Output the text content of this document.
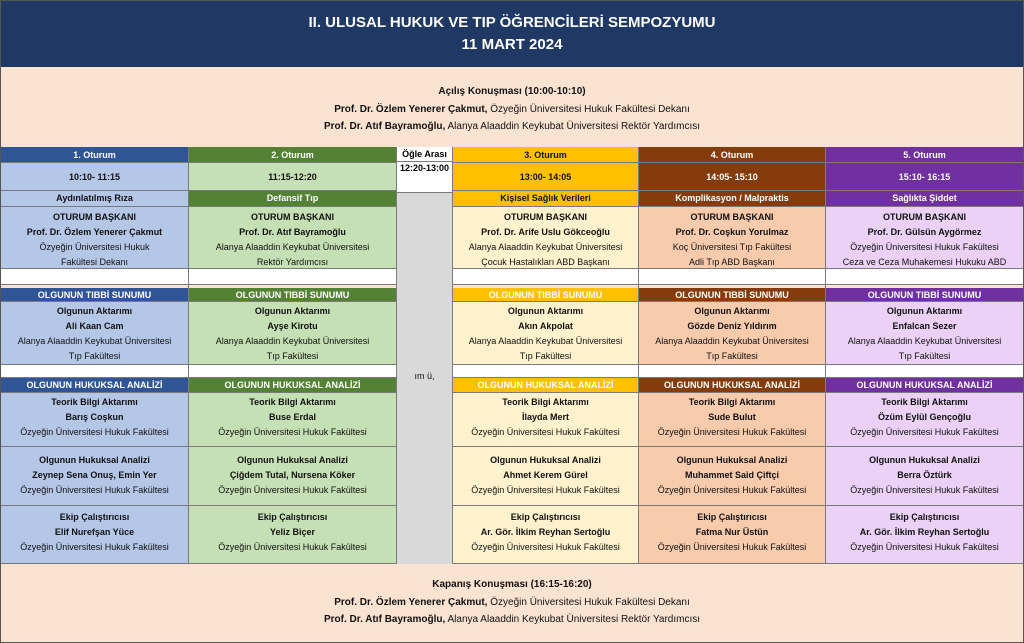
II. ULUSAL HUKUK VE TIP ÖĞRENCİLERİ SEMPOZYUMU
11 MART 2024
Açılış Konuşması (10:00-10:10)
Prof. Dr. Özlem Yenerer Çakmut, Özyeğin Üniversitesi Hukuk Fakültesi Dekanı
Prof. Dr. Atıf Bayramoğlu, Alanya Alaaddin Keykubat Üniversitesi Rektör Yardımcısı
1. Oturum
10:10- 11:15
Aydınlatılmış Rıza
OTURUM BAŞKANI
Prof. Dr. Özlem Yenerer Çakmut
Özyeğin Üniversitesi Hukuk
Fakültesi Dekanı
OLGUNUN TIBBİ SUNUMU
Olgunun Aktarımı
Ali Kaan Cam
Alanya Alaaddin Keykubat Üniversitesi
Tıp Fakültesi
OLGUNUN HUKUKSAL ANALİZİ
Teorik Bilgi Aktarımı
Barış Coşkun
Özyeğin Üniversitesi Hukuk Fakültesi
Olgunun Hukuksal Analizi
Zeynep Sena Onuş, Emin Yer
Özyeğin Üniversitesi Hukuk Fakültesi
Ekip Çalıştırıcısı
Elif Nurefşan Yüce
Özyeğin Üniversitesi Hukuk Fakültesi
2. Oturum
11:15-12:20
Defansif Tıp
OTURUM BAŞKANI
Prof. Dr. Atıf Bayramoğlu
Alanya Alaaddin Keykubat Üniversitesi
Rektör Yardımcısı
OLGUNUN TIBBİ SUNUMU
Olgunun Aktarımı
Ayşe Kirotu
Alanya Alaaddin Keykubat Üniversitesi
Tıp Fakültesi
OLGUNUN HUKUKSAL ANALİZİ
Teorik Bilgi Aktarımı
Buse Erdal
Özyeğin Üniversitesi Hukuk Fakültesi
Olgunun Hukuksal Analizi
Çiğdem Tutal, Nursena Köker
Özyeğin Üniversitesi Hukuk Fakültesi
Ekip Çalıştırıcısı
Yeliz Biçer
Özyeğin Üniversitesi Hukuk Fakültesi
Öğle Arası
12:20-13:00
ım ü,
3. Oturum
13:00- 14:05
Kişisel Sağlık Verileri
OTURUM BAŞKANI
Prof. Dr. Arife Uslu Gökceoğlu
Alanya Alaaddin Keykubat Üniversitesi
Çocuk Hastalıkları ABD Başkanı
OLGUNUN TIBBİ SUNUMU
Olgunun Aktarımı
Akın Akpolat
Alanya Alaaddin Keykubat Üniversitesi
Tıp Fakültesi
OLGUNUN HUKUKSAL ANALİZİ
Teorik Bilgi Aktarımı
İlayda Mert
Özyeğin Üniversitesi Hukuk Fakültesi
Olgunun Hukuksal Analizi
Ahmet Kerem Gürel
Özyeğin Üniversitesi Hukuk Fakültesi
Ekip Çalıştırıcısı
Ar. Gör. İlkim Reyhan Sertoğlu
Özyeğin Üniversitesi Hukuk Fakültesi
4. Oturum
14:05- 15:10
Komplikasyon / Malpraktis
OTURUM BAŞKANI
Prof. Dr. Coşkun Yorulmaz
Koç Üniversitesi Tıp Fakültesi
Adli Tıp ABD Başkanı
OLGUNUN TIBBİ SUNUMU
Olgunun Aktarımı
Gözde Deniz Yıldırım
Alanya Alaaddin Keykubat Üniversitesi
Tıp Fakültesi
OLGUNUN HUKUKSAL ANALİZİ
Teorik Bilgi Aktarımı
Sude Bulut
Özyeğin Üniversitesi Hukuk Fakültesi
Olgunun Hukuksal Analizi
Muhammet Said Çiftçi
Özyeğin Üniversitesi Hukuk Fakültesi
Ekip Çalıştırıcısı
Fatma Nur Üstün
Özyeğin Üniversitesi Hukuk Fakültesi
5. Oturum
15:10- 16:15
Sağlıkta Şiddet
OTURUM BAŞKANI
Prof. Dr. Gülsün Aygörmez
Özyeğin Üniversitesi Hukuk Fakültesi
Ceza ve Ceza Muhakemesi Hukuku ABD
OLGUNUN TIBBİ SUNUMU
Olgunun Aktarımı
Enfalcan Sezer
Alanya Alaaddin Keykubat Üniversitesi
Tıp Fakültesi
OLGUNUN HUKUKSAL ANALİZİ
Teorik Bilgi Aktarımı
Özüm Eylül Gençoğlu
Özyeğin Üniversitesi Hukuk Fakültesi
Olgunun Hukuksal Analizi
Berra Öztürk
Özyeğin Üniversitesi Hukuk Fakültesi
Ekip Çalıştırıcısı
Ar. Gör. İlkim Reyhan Sertoğlu
Özyeğin Üniversitesi Hukuk Fakültesi
Kapanış Konuşması (16:15-16:20)
Prof. Dr. Özlem Yenerer Çakmut, Özyeğin Üniversitesi Hukuk Fakültesi Dekanı
Prof. Dr. Atıf Bayramoğlu, Alanya Alaaddin Keykubat Üniversitesi Rektör Yardımcısı
